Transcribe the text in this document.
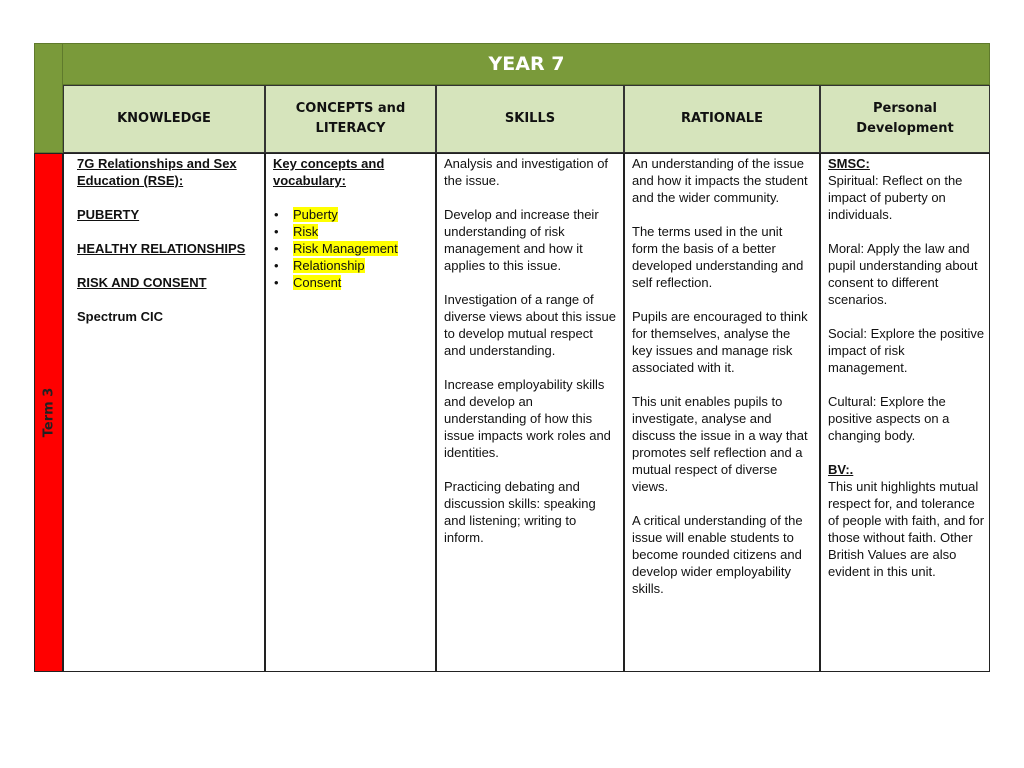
YEAR 7
Term 3
KNOWLEDGE
CONCEPTS and
LITERACY
SKILLS	RATIONALE
Personal
Development

7G Relationships and Sex Education (RSE):

PUBERTY

HEALTHY RELATIONSHIPS

RISK AND CONSENT

Spectrum CIC

Key concepts and vocabulary:

• Puberty
• Risk
• Risk Management
• Relationship
• Consent

Analysis and investigation of the issue.

Develop and increase their understanding of risk management and how it applies to this issue.

Investigation of a range of diverse views about this issue to develop mutual respect and understanding.

Increase employability skills and develop an understanding of how this issue impacts work roles and identities.

Practicing debating and discussion skills: speaking and listening; writing to inform.

An understanding of the issue and how it impacts the student and the wider community.

The terms used in the unit form the basis of a better developed understanding and self reflection.

Pupils are encouraged to think for themselves, analyse the key issues and manage risk associated with it.

This unit enables pupils to investigate, analyse and discuss the issue in a way that promotes self reflection and a mutual respect of diverse views.

A critical understanding of the issue will enable students to become rounded citizens and develop wider employability skills.

SMSC:

Spiritual: Reflect on the impact of puberty on individuals.

Moral: Apply the law and pupil understanding about consent to different scenarios.

Social: Explore the positive impact of risk management.

Cultural: Explore the positive aspects on a changing body.

BV:.

This unit highlights mutual respect for, and tolerance of people with faith, and for those without faith. Other British Values are also evident in this unit.
